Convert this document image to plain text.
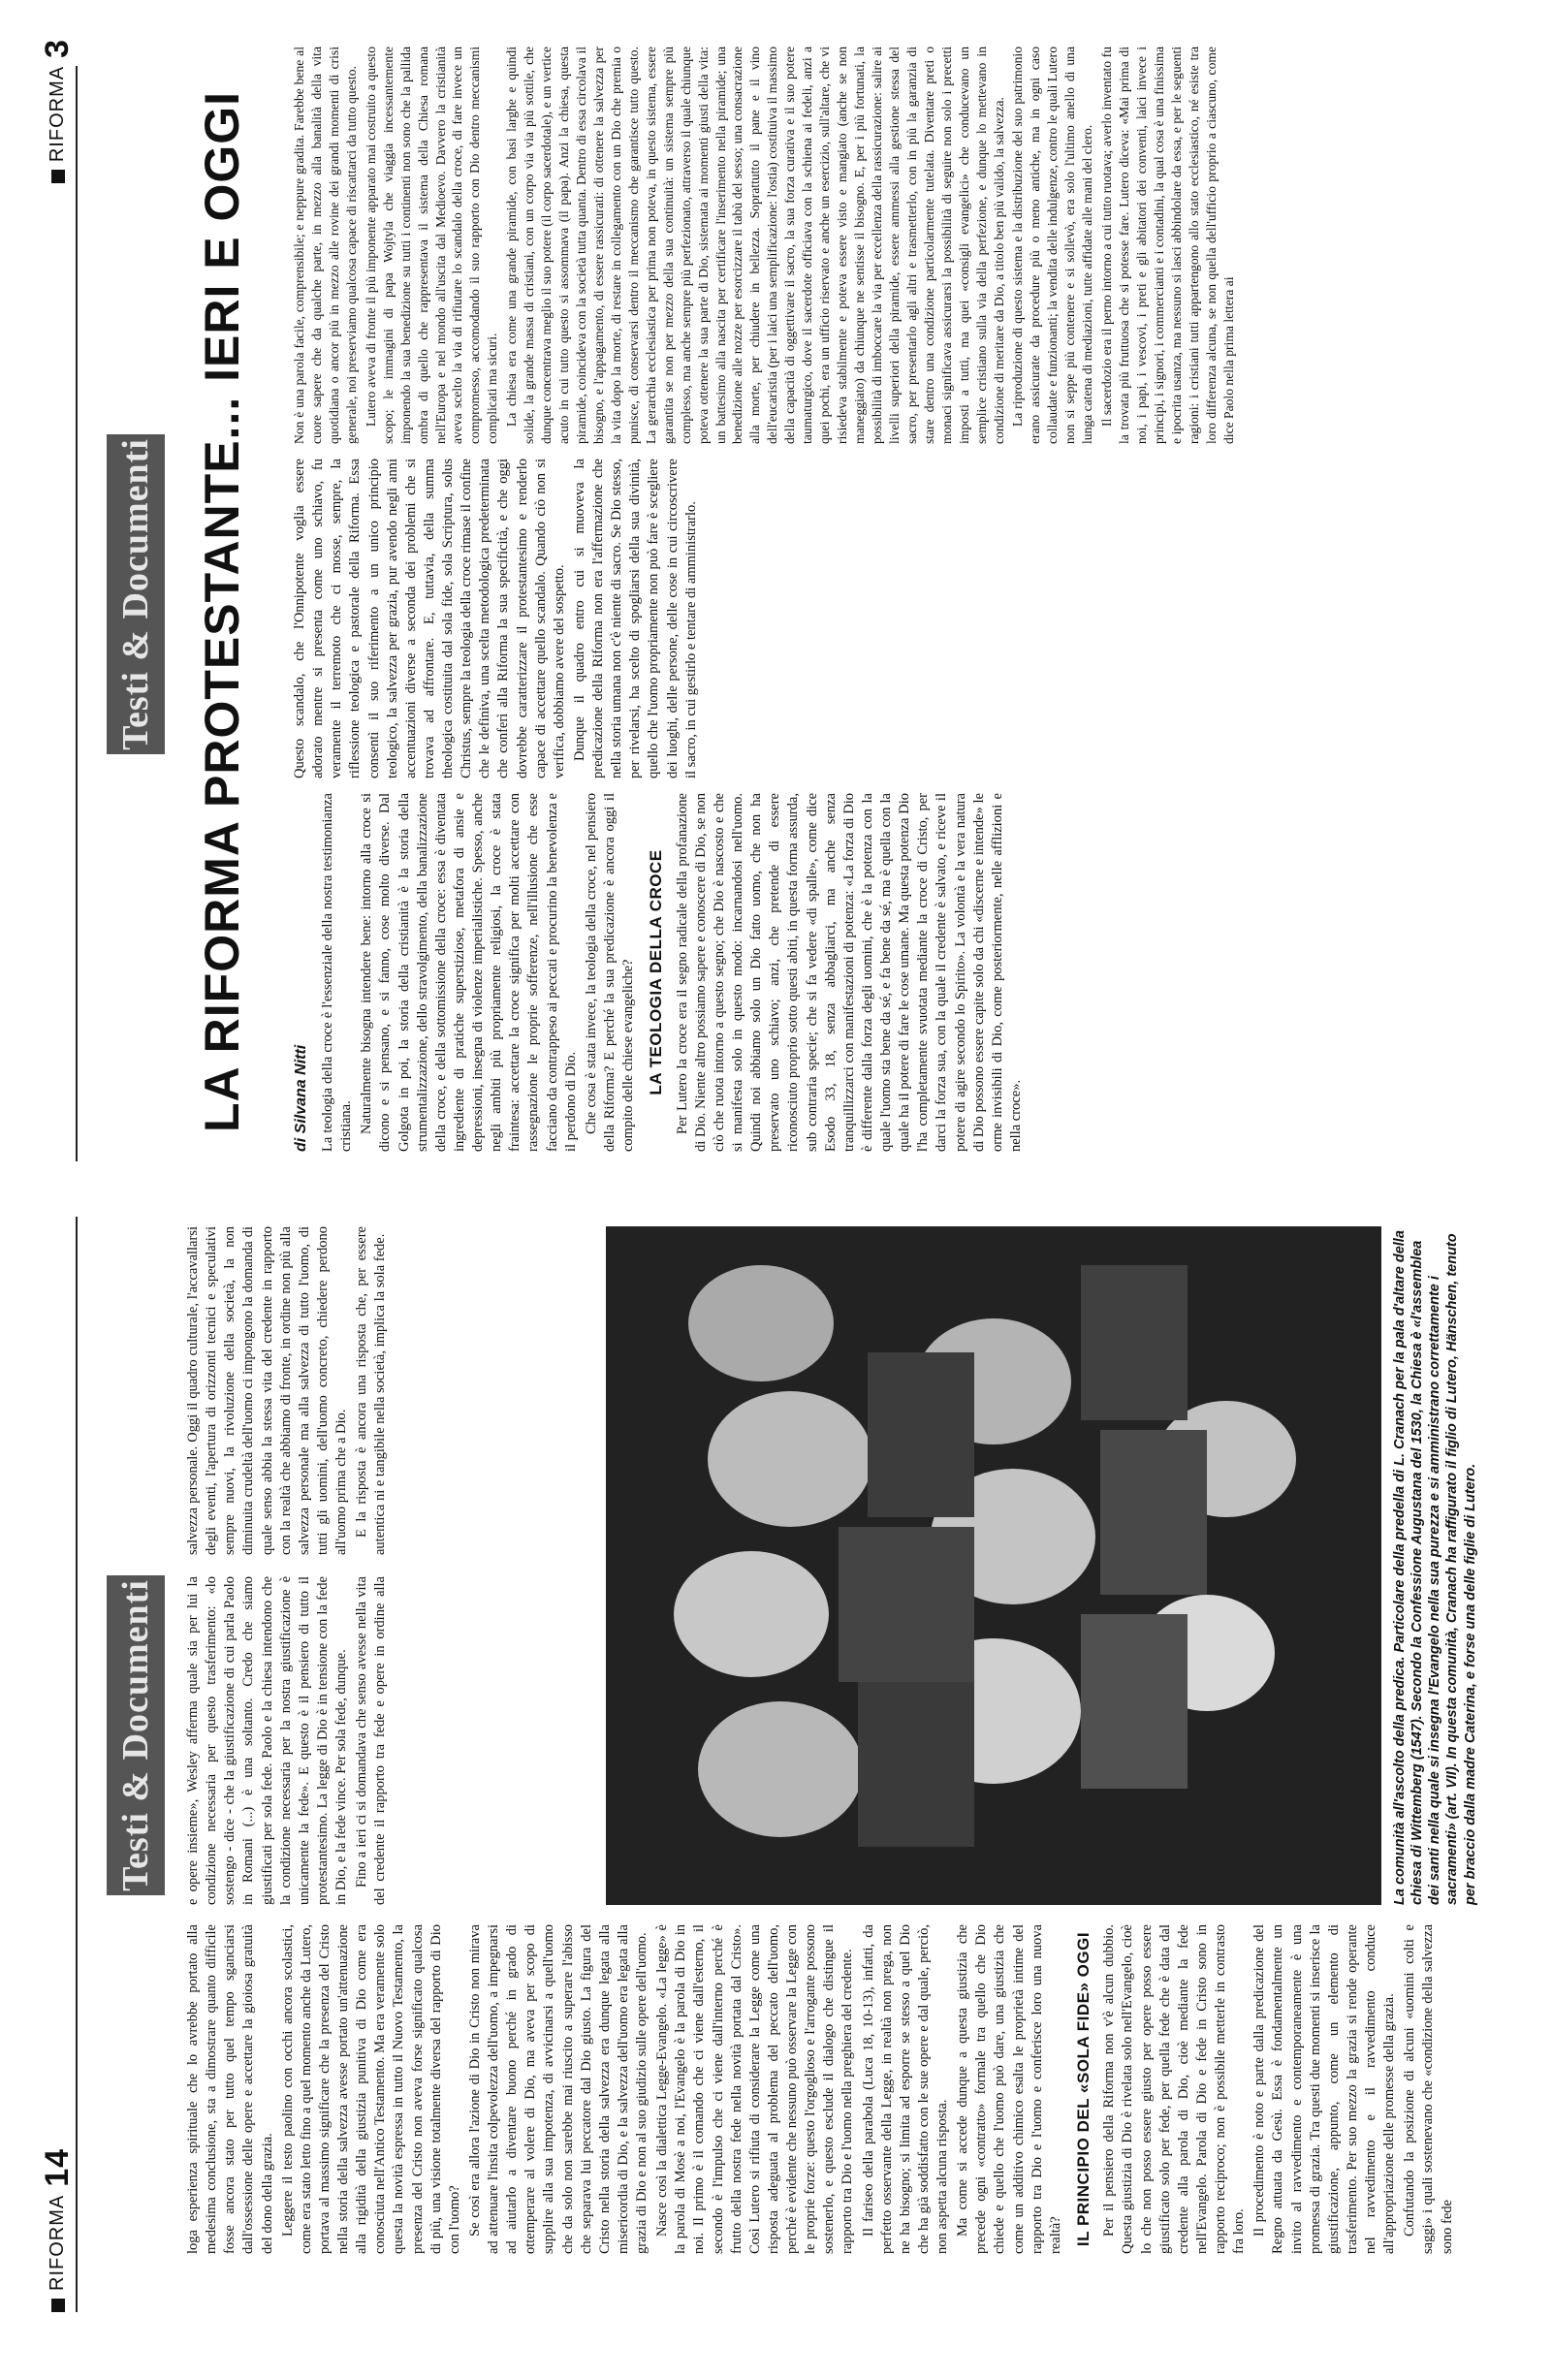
RIFORMA
14
Testi & Documenti

loga esperienza spirituale che lo avrebbe portato alla medesima conclusione, sta a dimostrare quanto difficile fosse ancora stato per tutto quel tempo sganciarsi dall'ossessione delle opere e accettare la gioiosa gratuità del dono della grazia. Leggere il testo paolino con occhi ancora scolastici, come era stato letto fino a quel momento anche da Lutero, portava al massimo significare che la presenza del Cristo nella storia della salvezza avesse portato un'attenuazione alla rigidità della giustizia punitiva di Dio come era conosciuta nell'Antico Testamento. Ma era veramente solo questa la novità espressa in tutto il Nuovo Testamento, la presenza del Cristo non aveva forse significato qualcosa di più, una visione totalmente diversa del rapporto di Dio con l'uomo? Se così era allora l'azione di Dio in Cristo non mirava ad attenuare l'insita colpevolezza dell'uomo, a impegnarsi ad aiutarlo a diventare buono perché in grado di ottemperare al volere di Dio, ma aveva per scopo di supplire alla sua impotenza, di avvicinarsi a quell'uomo che da solo non sarebbe mai riuscito a superare l'abisso che separava lui peccatore dal Dio giusto. La figura del Cristo nella storia della salvezza era dunque legata alla misericordia di Dio, e la salvezza dell'uomo era legata alla grazia di Dio e non al suo giudizio sulle opere dell'uomo. Nasce così la dialettica Legge-Evangelo. «La legge» è la parola di Mosè a noi, l'Evangelo è la parola di Dio in noi. Il primo è il comando che ci viene dall'esterno, il secondo è l'impulso che ci viene dall'interno perché è frutto della nostra fede nella novità portata dal Cristo». Così Lutero si rifiuta di considerare la Legge come una risposta adeguata al problema del peccato dell'uomo, perché è evidente che nessuno può osservare la Legge con le proprie forze: questo l'orgoglioso e l'arrogante possono sostenerlo, e questo esclude il dialogo che distingue il rapporto tra Dio e l'uomo nella preghiera del credente. Il fariseo della parabola (Luca 18, 10-13), infatti, da perfetto osservante della Legge, in realtà non prega, non ne ha bisogno; si limita ad esporre se stesso a quel Dio che ha già soddisfatto con le sue opere e dal quale, perciò, non aspetta alcuna risposta. Ma come si accede dunque a questa giustizia che precede ogni «contratto» formale tra quello che Dio chiede e quello che l'uomo può dare, una giustizia che come un additivo chimico esalta le proprietà intime del rapporto tra Dio e l'uomo e conferisce loro una nuova realtà? IL PRINCIPIO DEL «SOLA FIDE» OGGI Per il pensiero della Riforma non v'è alcun dubbio. Questa giustizia di Dio è rivelata solo nell'Evangelo, cioè lo che non posso essere giusto per opere posso essere giustificato solo per fede, per quella fede che è data dal credente alla parola di Dio, cioè mediante la fede nell'Evangelo. Parola di Dio e fede in Cristo sono in rapporto reciproco; non è possibile metterle in contrasto fra loro. Il procedimento è noto e parte dalla predicazione del Regno attuata da Gesù. Essa è fondamentalmente un invito al ravvedimento e contemporaneamente è una promessa di grazia. Tra questi due momenti si inserisce la giustificazione, appunto, come un elemento di trasferimento. Per suo mezzo la grazia si rende operante nel ravvedimento e il ravvedimento conduce all'appropriazione delle promesse della grazia. Confutando la posizione di alcuni «uomini colti e saggi» i quali sostenevano che «condizione della salvezza sono fede

e opere insieme», Wesley afferma quale sia per lui la condizione necessaria per questo trasferimento: «lo sostengo - dice - che la giustificazione di cui parla Paolo in Romani (...) è una soltanto. Credo che siamo giustificati per sola fede. Paolo e la chiesa intendono che la condizione necessaria per la nostra giustificazione è unicamente la fede». E questo è il pensiero di tutto il protestantesimo. La legge di Dio è in tensione con la fede in Dio, e la fede vince. Per sola fede, dunque. Fino a ieri ci si domandava che senso avesse nella vita del credente il rapporto tra fede e opere in ordine alla salvezza personale. Oggi il quadro culturale, l'accavallarsi degli eventi, l'apertura di orizzonti tecnici e speculativi sempre nuovi, la rivoluzione della società, la non diminuita crudeltà dell'uomo ci impongono la domanda di quale senso abbia la stessa vita del credente in rapporto con la realtà che abbiamo di fronte, in ordine non più alla salvezza personale ma alla salvezza di tutto l'uomo, di tutti gli uomini, dell'uomo concreto, chiedere perdono all'uomo prima che a Dio. E la risposta è ancora una risposta che, per essere autentica ni e tangibile nella società, implica la sola fede.	La comunità all'ascolto della predica. Particolare della predella di L. Cranach per la pala d'altare della chiesa di Wittemberg (1547). Secondo la Confessione Augustana del 1530, la Chiesa è «l'assemblea dei santi nella quale si insegna l'Evangelo nella sua purezza e si amministrano correttamente i sacramenti» (art. VII). In questa comunità, Cranach ha raffigurato il figlio di Lutero, Hänschen, tenuto per braccio dalla madre Caterina, e forse una delle figlie di Lutero.
RIFORMA
3
Testi & Documenti LA RIFORMA PROTESTANTE... IERI E OGGI	di Silvana Nitti La teologia della croce è l'essenziale della nostra testimonianza cristiana. Naturalmente bisogna intendere bene: intorno alla croce si dicono e si pensano, e si fanno, cose molto diverse. Dal Golgota in poi, la storia della cristianità è la storia della strumentalizzazione, dello stravolgimento, della banalizzazione della croce, e della sottomissione della croce: essa è diventata ingrediente di pratiche superstiziose, metafora di ansie e depressioni, insegna di violenze imperialistiche. Spesso, anche negli ambiti più propriamente religiosi, la croce è stata fraintesa: accettare la croce significa per molti accettare con rassegnazione le proprie sofferenze, nell'illusione che esse facciano da contrappeso ai peccati e procurino la benevolenza e il perdono di Dio. Che cosa è stata invece, la teologia della croce, nel pensiero della Riforma? E perché la sua predicazione è ancora oggi il compito delle chiese evangeliche? LA TEOLOGIA DELLA CROCE Per Lutero la croce era il segno radicale della profanazione di Dio. Niente altro possiamo sapere e conoscere di Dio, se non ciò che ruota intorno a questo segno; che Dio è nascosto e che si manifesta solo in questo modo: incarnandosi nell'uomo. Quindi noi abbiamo solo un Dio fatto uomo, che non ha preservato uno schiavo; anzi, che pretende di essere riconosciuto proprio sotto questi abiti, in questa forma assurda, sub contraria specie; che si fa vedere «di spalle», come dice Esodo 33, 18, senza abbagliarci, ma anche senza tranquillizzarci con manifestazioni di potenza: «La forza di Dio è differente dalla forza degli uomini, che è la potenza con la quale l'uomo sta bene da sé, e fa bene da sé, ma è quella con la quale ha il potere di fare le cose umane. Ma questa potenza Dio l'ha completamente svuotata mediante la croce di Cristo, per darci la forza sua, con la quale il credente è salvato, e riceve il potere di agire secondo lo Spirito». La volontà e la vera natura di Dio possono essere capite solo da chi «discerne e intende» le orme invisibili di Dio, come posteriormente, nelle afflizioni e nella croce».

Questo scandalo, che l'Onnipotente voglia essere adorato mentre si presenta come uno schiavo, fu veramente il terremoto che ci mosse, sempre, la riflessione teologica e pastorale della Riforma. Essa consentì il suo riferimento a un unico principio teologico, la salvezza per grazia, pur avendo negli anni accentuazioni diverse a seconda dei problemi che si trovava ad affrontare. E, tuttavia, della summa theologica costituita dal sola fide, sola Scriptura, solus Christus, sempre la teologia della croce rimase il confine che le definiva, una scelta metodologica predeterminata che conferì alla Riforma la sua specificità, e che oggi dovrebbe caratterizzare il protestantesimo e renderlo capace di accettare quello scandalo. Quando ciò non si verifica, dobbiamo avere del sospetto. Dunque il quadro entro cui si muoveva la predicazione della Riforma non era l'affermazione che nella storia umana non c'è niente di sacro. Se Dio stesso, per rivelarsi, ha scelto di spogliarsi della sua divinità, quello che l'uomo propriamente non può fare è scegliere dei luoghi, delle persone, delle cose in cui circoscrivere il sacro, in cui gestirlo e tentare di amministrarlo.

Non è una parola facile, comprensibile; e neppure gradita. Farebbe bene al cuore sapere che da qualche parte, in mezzo alla banalità della vita quotidiana o ancor più in mezzo alle rovine dei grandi momenti di crisi generale, noi preserviamo qualcosa capace di riscattarci da tutto questo. Lutero aveva di fronte il più imponente apparato mai costruito a questo scopo; le immagini di papa Wojtyla che viaggia incessantemente imponendo la sua benedizione su tutti i continenti non sono che la pallida ombra di quello che rappresentava il sistema della Chiesa romana nell'Europa e nel mondo all'uscita dal Medioevo. Davvero la cristianità aveva scelto la via di rifiutare lo scandalo della croce, di fare invece un compromesso, accomodando il suo rapporto con Dio dentro meccanismi complicati ma sicuri. La chiesa era come una grande piramide, con basi larghe e quindi solide, la grande massa di cristiani, con un corpo via via più sottile, che dunque concentrava meglio il suo potere (il corpo sacerdotale), e un vertice acuto in cui tutto questo si assommava (il papa). Anzi la chiesa, questa piramide, coincideva con la società tutta quanta. Dentro di essa circolava il bisogno, e l'appagamento, di essere rassicurati: di ottenere la salvezza per la vita dopo la morte, di restare in collegamento con un Dio che premia o punisce, di conservarsi dentro il meccanismo che garantisce tutto questo. La gerarchia ecclesiastica per prima non poteva, in questo sistema, essere garantita se non per mezzo della sua continuità: un sistema sempre più complesso, ma anche sempre più perfezionato, attraverso il quale chiunque poteva ottenere la sua parte di Dio, sistemata ai momenti giusti della vita: un battesimo alla nascita per certificare l'inserimento nella piramide; una benedizione alle nozze per esorcizzare il tabù del sesso; una consacrazione alla morte, per chiudere in bellezza. Soprattutto il pane e il vino dell'eucaristia (per i laici una semplificazione: l'ostia) costituiva il massimo della capacità di oggettivare il sacro, la sua forza curativa e il suo potere taumaturgico, dove il sacerdote officiava con la schiena ai fedeli, anzi a quei pochi, era un ufficio riservato e anche un esercizio, sull'altare, che vi risiedeva stabilmente e poteva essere visto e mangiato (anche se non maneggiato) da chiunque ne sentisse il bisogno. E, per i più fortunati, la possibilità di imboccare la via per eccellenza della rassicurazione: salire ai livelli superiori della piramide, essere ammessi alla gestione stessa del sacro, per presentarlo agli altri e trasmetterlo, con in più la garanzia di stare dentro una condizione particolarmente tutelata. Diventare preti o monaci significava assicurarsi la possibilità di seguire non solo i precetti imposti a tutti, ma quei «consigli evangelici» che conducevano un semplice cristiano sulla via della perfezione, e dunque lo mettevano in condizione di meritare da Dio, a titolo ben più valido, la salvezza. La riproduzione di questo sistema e la distribuzione del suo patrimonio erano assicurate da procedure più o meno antiche, ma in ogni caso collaudate e funzionanti; la vendita delle indulgenze, contro le quali Lutero non si seppe più contenere e si sollevò, era solo l'ultimo anello di una lunga catena di mediazioni, tutte affidate alle mani del clero. Il sacerdozio era il perno intorno a cui tutto ruotava; averlo inventato fu la trovata più fruttuosa che si potesse fare. Lutero diceva: «Mai prima di noi, i papi, i vescovi, i preti e gli abitatori dei conventi, laici invece i principi, i signori, i commercianti e i contadini, la qual cosa è una finissima e ipocrita usanza, ma nessuno si lasci abbindolare da essa, e per le seguenti ragioni: i cristiani tutti appartengono allo stato ecclesiastico, né esiste tra loro differenza alcuna, se non quella dell'ufficio proprio a ciascuno, come dice Paolo nella prima lettera ai
